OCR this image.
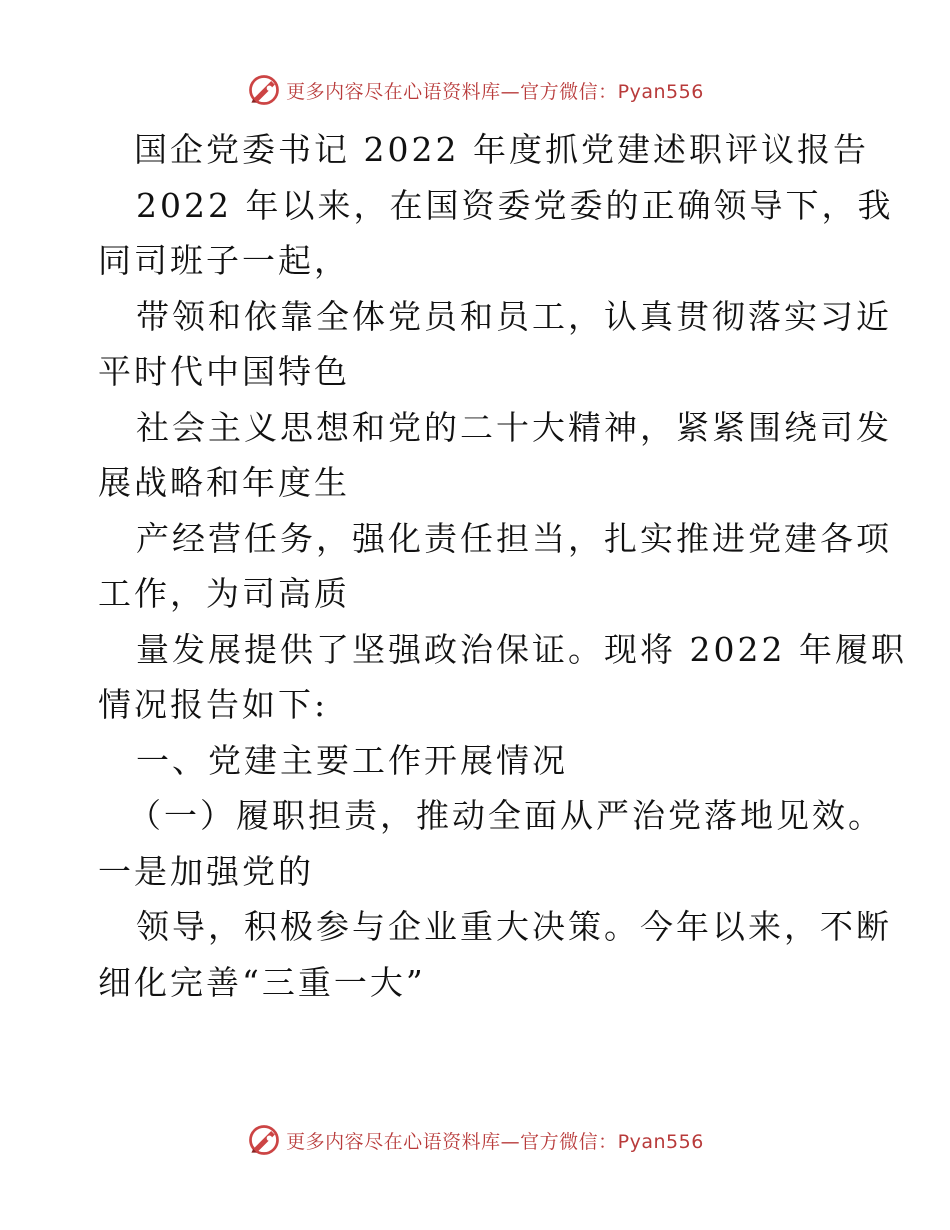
更多内容尽在心语资料库—官方微信：Pyan556
国企党委书记 2022 年度抓党建述职评议报告
2022 年以来，在国资委党委的正确领导下，我
同司班子一起，
带领和依靠全体党员和员工，认真贯彻落实习近
平时代中国特色
社会主义思想和党的二十大精神，紧紧围绕司发
展战略和年度生
产经营任务，强化责任担当，扎实推进党建各项
工作，为司高质
量发展提供了坚强政治保证。现将 2022 年履职
情况报告如下:
一、党建主要工作开展情况
（一）履职担责，推动全面从严治党落地见效。
一是加强党的
领导，积极参与企业重大决策。今年以来，不断
细化完善“三重一大”
更多内容尽在心语资料库—官方微信：Pyan556
